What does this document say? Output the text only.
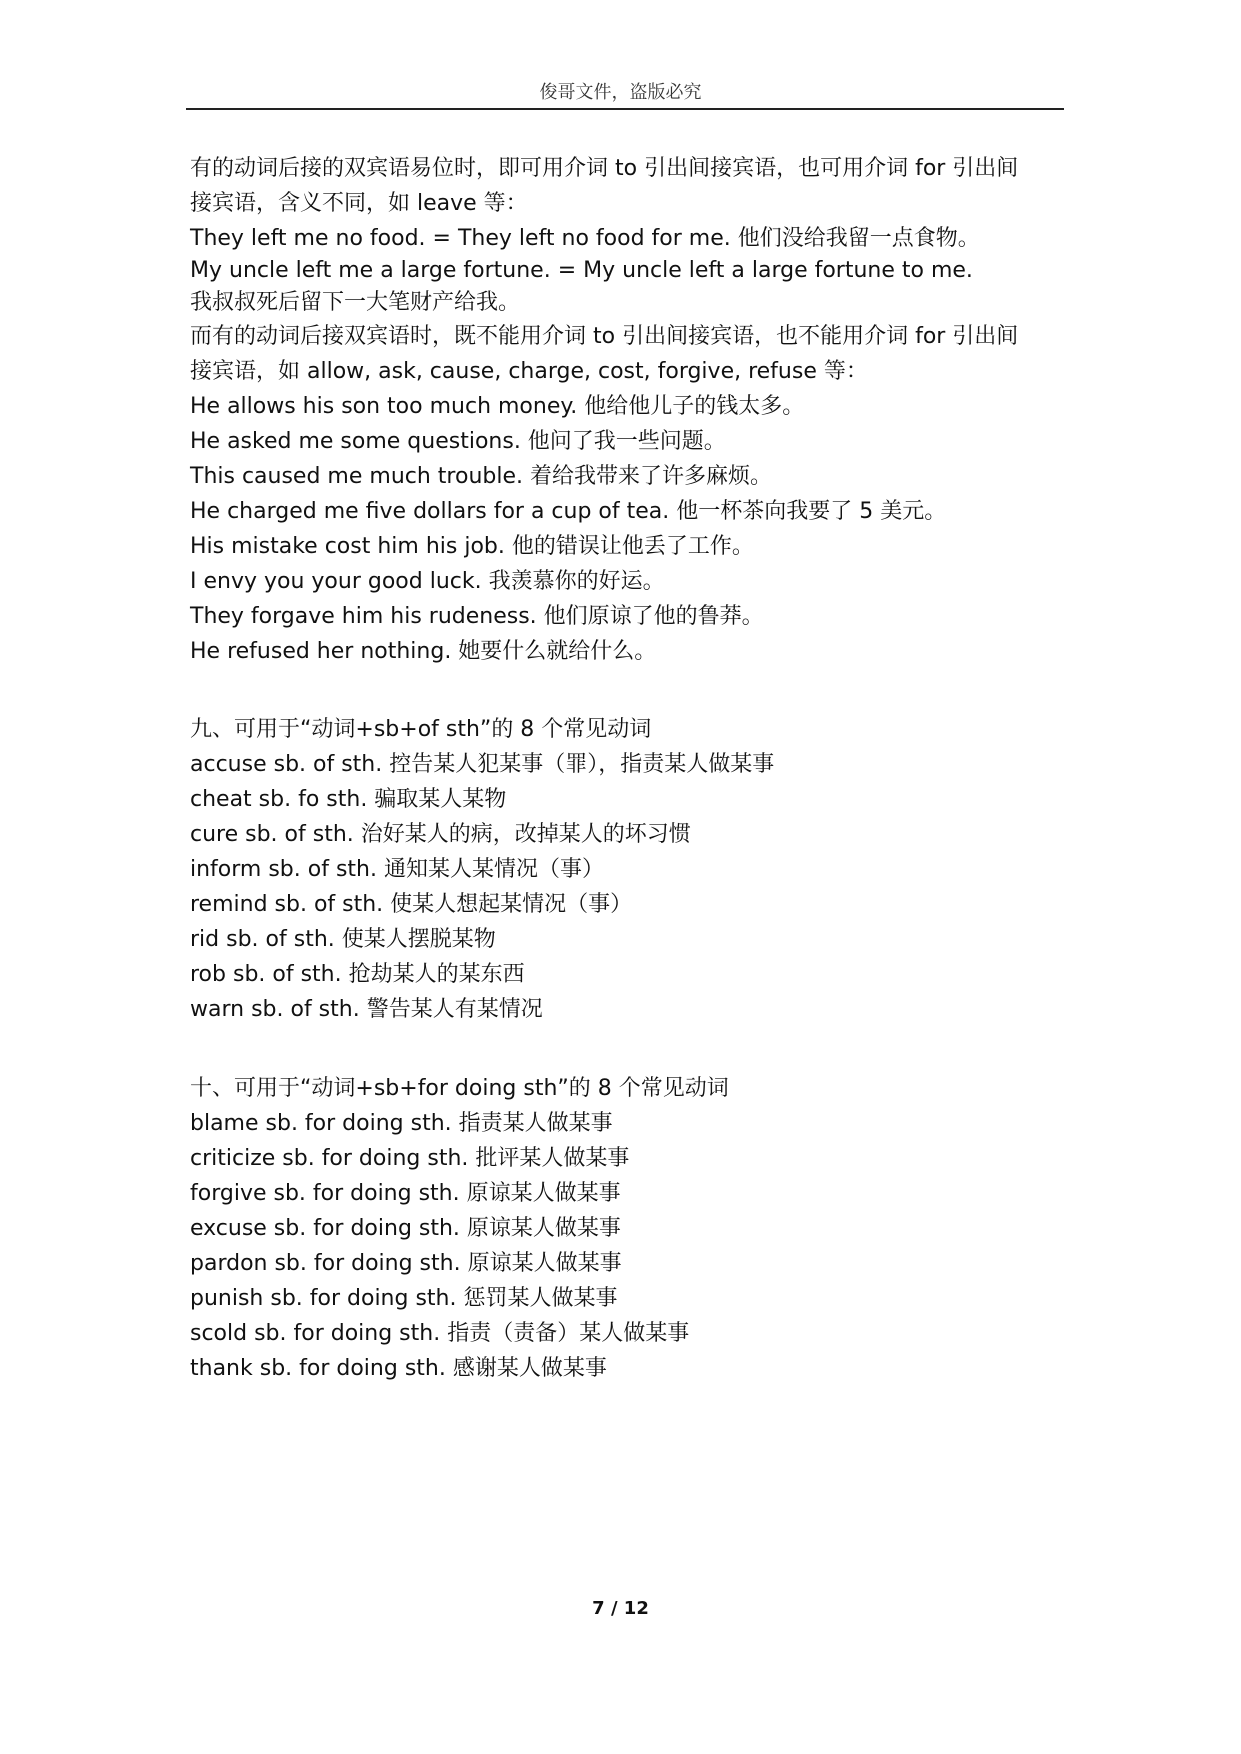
俊哥文件，盗版必究
有的动词后接的双宾语易位时，即可用介词 to 引出间接宾语，也可用介词 for 引出间
接宾语，含义不同，如 leave 等：
They left me no food. = They left no food for me. 他们没给我留一点食物。
My uncle left me a large fortune. = My uncle left a large fortune to me.
我叔叔死后留下一大笔财产给我。
而有的动词后接双宾语时，既不能用介词 to 引出间接宾语，也不能用介词 for 引出间
接宾语，如 allow, ask, cause, charge, cost, forgive, refuse 等：
He allows his son too much money. 他给他儿子的钱太多。
He asked me some questions. 他问了我一些问题。
This caused me much trouble. 着给我带来了许多麻烦。
He charged me five dollars for a cup of tea. 他一杯茶向我要了 5 美元。
His mistake cost him his job. 他的错误让他丢了工作。
I envy you your good luck. 我羡慕你的好运。
They forgave him his rudeness. 他们原谅了他的鲁莽。
He refused her nothing. 她要什么就给什么。
九、可用于“动词+sb+of sth”的 8 个常见动词
accuse sb. of sth. 控告某人犯某事（罪），指责某人做某事
cheat sb. fo sth. 骗取某人某物
cure sb. of sth. 治好某人的病，改掉某人的坏习惯
inform sb. of sth. 通知某人某情况（事）
remind sb. of sth. 使某人想起某情况（事）
rid sb. of sth. 使某人摆脱某物
rob sb. of sth. 抢劫某人的某东西
warn sb. of sth. 警告某人有某情况
十、可用于“动词+sb+for doing sth”的 8 个常见动词
blame sb. for doing sth. 指责某人做某事
criticize sb. for doing sth. 批评某人做某事
forgive sb. for doing sth. 原谅某人做某事
excuse sb. for doing sth. 原谅某人做某事
pardon sb. for doing sth. 原谅某人做某事
punish sb. for doing sth. 惩罚某人做某事
scold sb. for doing sth. 指责（责备）某人做某事
thank sb. for doing sth. 感谢某人做某事
7 / 12
